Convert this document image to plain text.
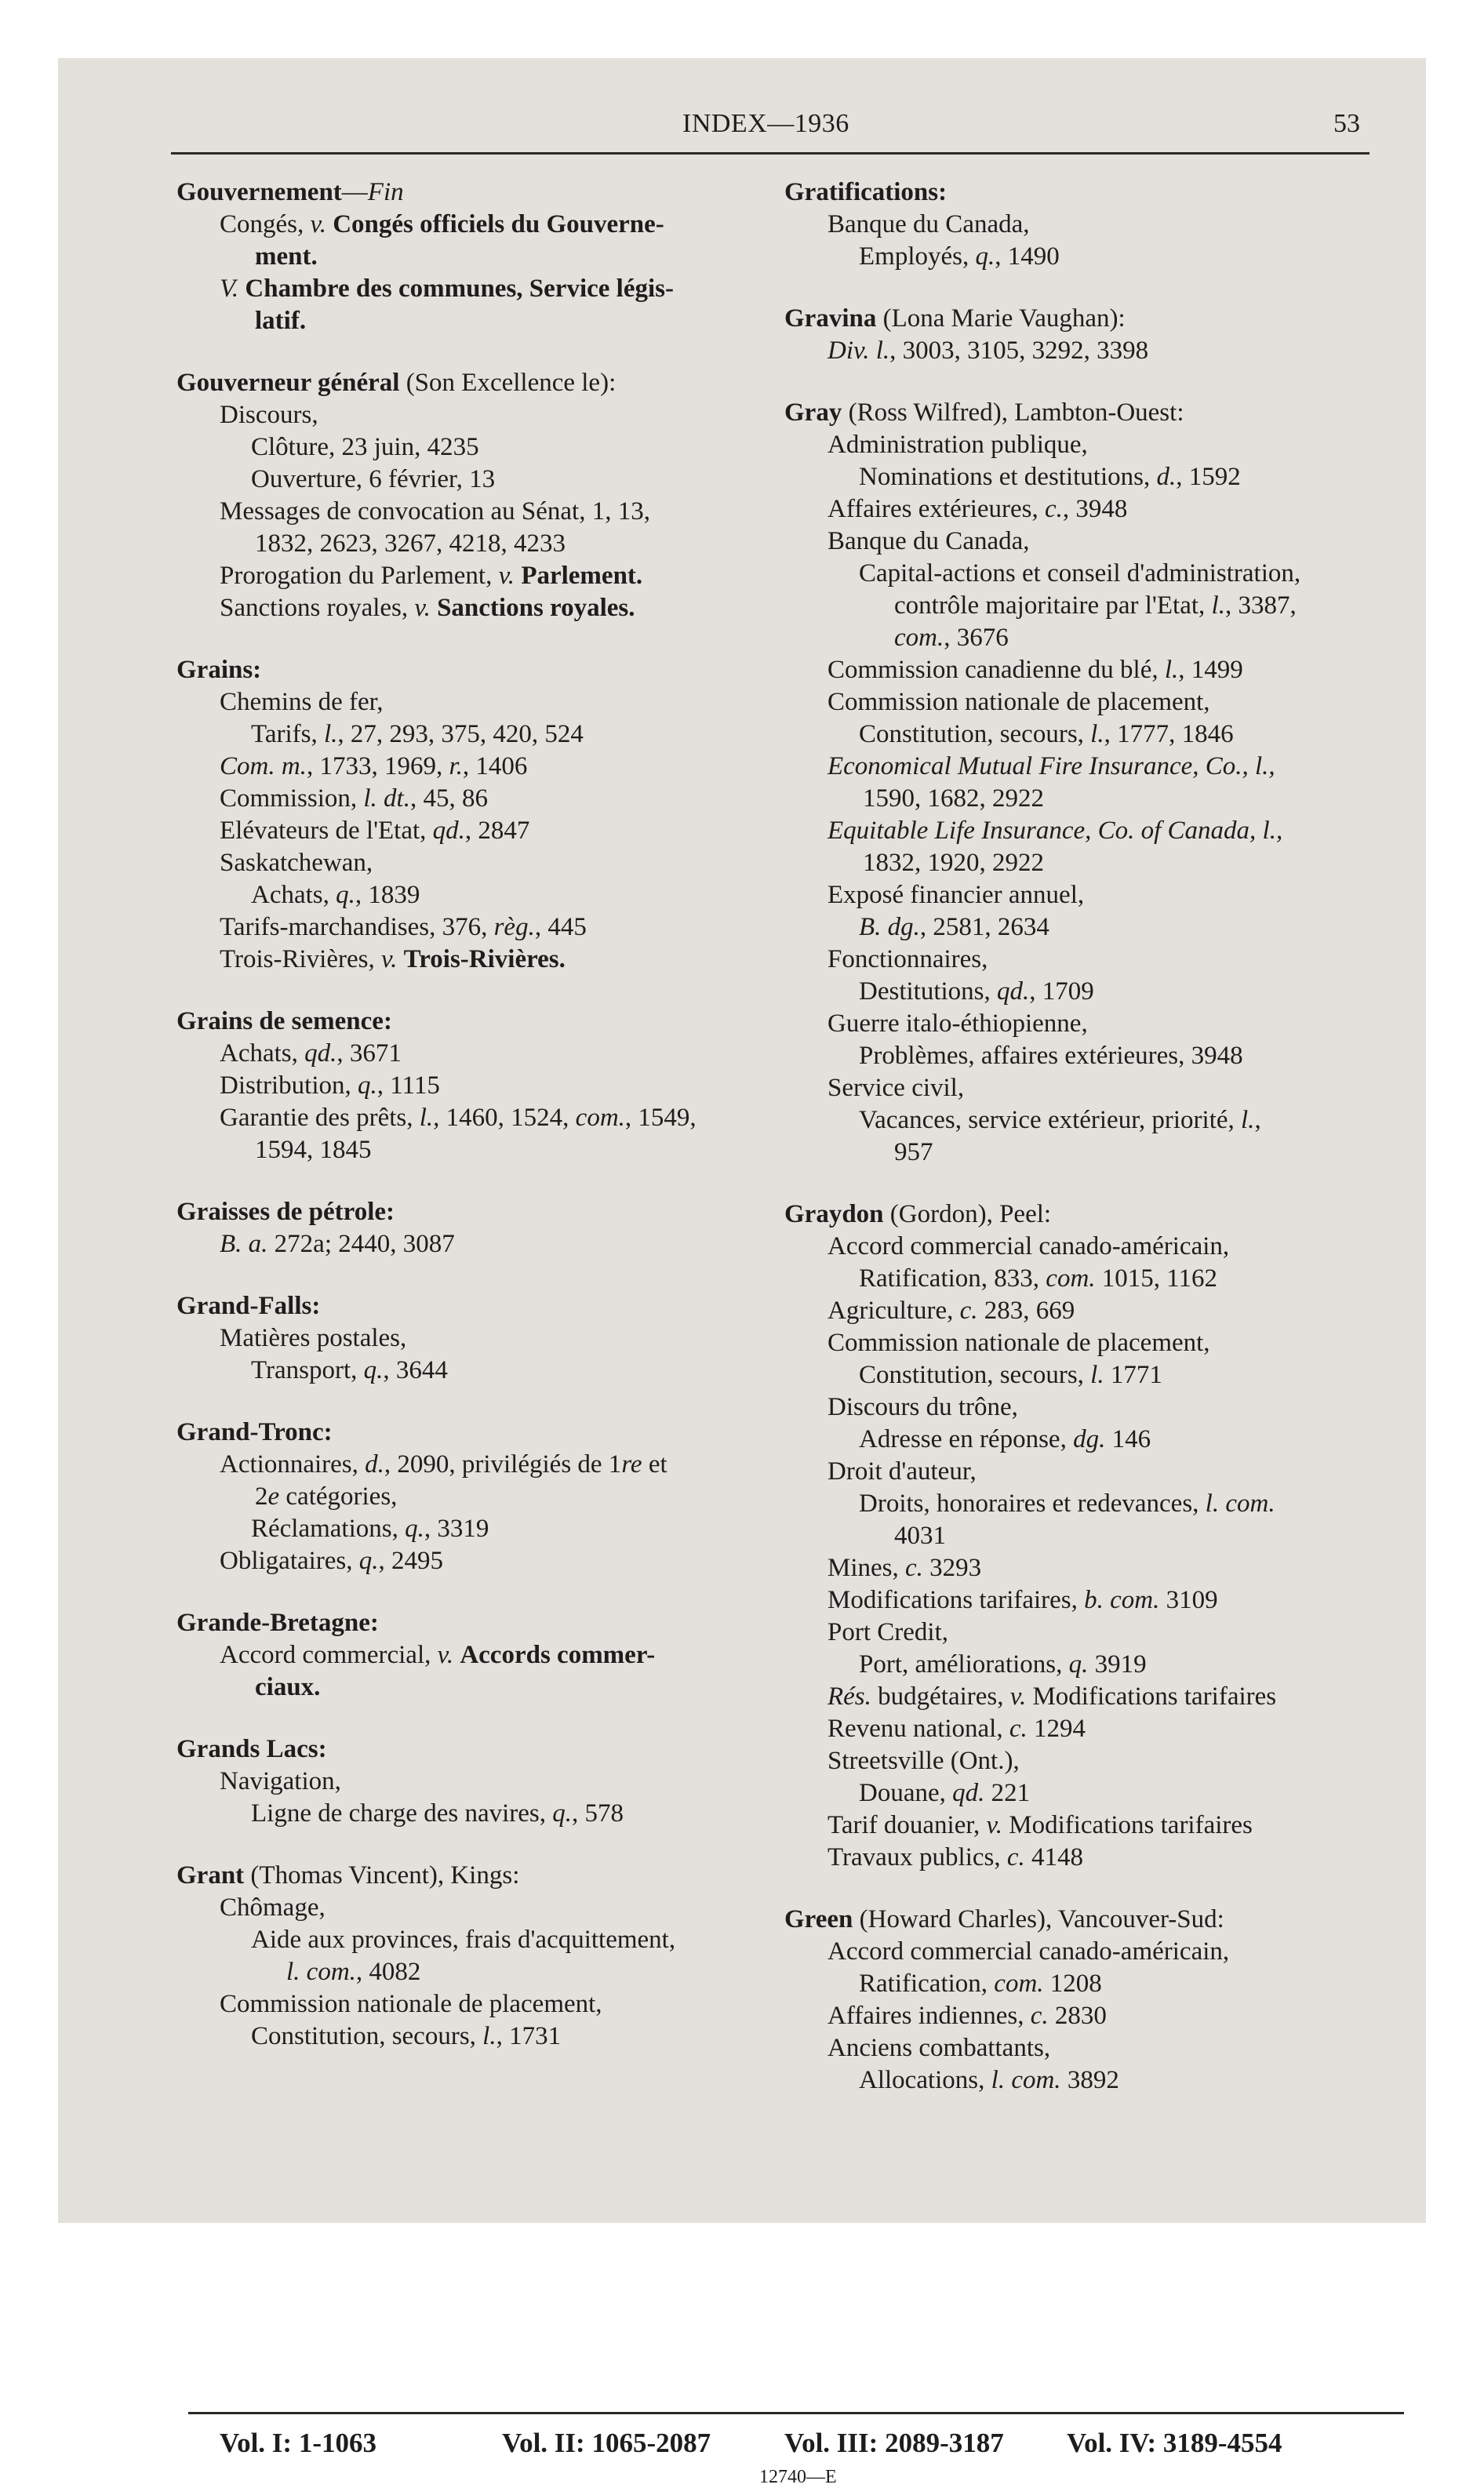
INDEX—1936	53
Gouvernement—Fin
Congés, v. Congés officiels du Gouverne-
ment.
V. Chambre des communes, Service légis-
latif.
Gouverneur général (Son Excellence le):
Discours,
Clôture, 23 juin, 4235
Ouverture, 6 février, 13
Messages de convocation au Sénat, 1, 13,
1832, 2623, 3267, 4218, 4233
Prorogation du Parlement, v. Parlement.
Sanctions royales, v. Sanctions royales.
Grains:
Chemins de fer,
Tarifs, l., 27, 293, 375, 420, 524
Com. m., 1733, 1969, r., 1406
Commission, l. dt., 45, 86
Elévateurs de l'Etat, qd., 2847
Saskatchewan,
Achats, q., 1839
Tarifs-marchandises, 376, règ., 445
Trois-Rivières, v. Trois-Rivières.
Grains de semence:
Achats, qd., 3671
Distribution, q., 1115
Garantie des prêts, l., 1460, 1524, com., 1549,
1594, 1845
Graisses de pétrole:
B. a. 272a; 2440, 3087
Grand-Falls:
Matières postales,
Transport, q., 3644
Grand-Tronc:
Actionnaires, d., 2090, privilégiés de 1re et
2e catégories,
Réclamations, q., 3319
Obligataires, q., 2495
Grande-Bretagne:
Accord commercial, v. Accords commer-
ciaux.
Grands Lacs:
Navigation,
Ligne de charge des navires, q., 578
Grant (Thomas Vincent), Kings:
Chômage,
Aide aux provinces, frais d'acquittement,
l. com., 4082
Commission nationale de placement,
Constitution, secours, l., 1731
Gratifications:
Banque du Canada,
Employés, q., 1490
Gravina (Lona Marie Vaughan):
Div. l., 3003, 3105, 3292, 3398
Gray (Ross Wilfred), Lambton-Ouest:
Administration publique,
Nominations et destitutions, d., 1592
Affaires extérieures, c., 3948
Banque du Canada,
Capital-actions et conseil d'administration,
contrôle majoritaire par l'Etat, l., 3387,
com., 3676
Commission canadienne du blé, l., 1499
Commission nationale de placement,
Constitution, secours, l., 1777, 1846
Economical Mutual Fire Insurance, Co., l.,
1590, 1682, 2922
Equitable Life Insurance, Co. of Canada, l.,
1832, 1920, 2922
Exposé financier annuel,
B. dg., 2581, 2634
Fonctionnaires,
Destitutions, qd., 1709
Guerre italo-éthiopienne,
Problèmes, affaires extérieures, 3948
Service civil,
Vacances, service extérieur, priorité, l.,
957
Graydon (Gordon), Peel:
Accord commercial canado-américain,
Ratification, 833, com. 1015, 1162
Agriculture, c. 283, 669
Commission nationale de placement,
Constitution, secours, l. 1771
Discours du trône,
Adresse en réponse, dg. 146
Droit d'auteur,
Droits, honoraires et redevances, l. com.
4031
Mines, c. 3293
Modifications tarifaires, b. com. 3109
Port Credit,
Port, améliorations, q. 3919
Rés. budgétaires, v. Modifications tarifaires
Revenu national, c. 1294
Streetsville (Ont.),
Douane, qd. 221
Tarif douanier, v. Modifications tarifaires
Travaux publics, c. 4148
Green (Howard Charles), Vancouver-Sud:
Accord commercial canado-américain,
Ratification, com. 1208
Affaires indiennes, c. 2830
Anciens combattants,
Allocations, l. com. 3892
Vol. I: 1-1063	Vol. II: 1065-2087	Vol. III: 2089-3187 Vol. IV: 3189-4554
12740—E
